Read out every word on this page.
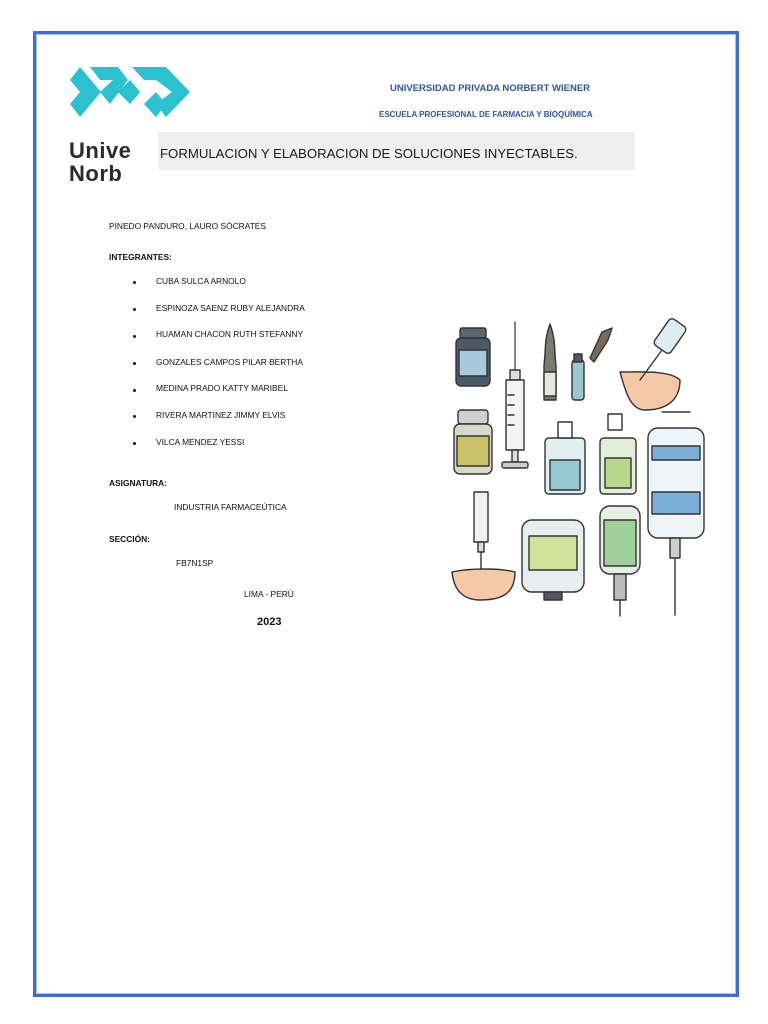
Unive
Norb
UNIVERSIDAD PRIVADA NORBERT WIENER
ESCUELA PROFESIONAL DE FARMACIA Y BIOQUÍMICA
FORMULACION Y ELABORACION DE SOLUCIONES INYECTABLES.
PINEDO PANDURO, LAURO SÓCRATES
INTEGRANTES:
CUBA SULCA ARNOLO
ESPINOZA SAENZ RUBY ALEJANDRA
HUAMAN CHACON RUTH STEFANNY
GONZALES CAMPOS PILAR BERTHA
MEDINA PRADO KATTY MARIBEL
RIVERA MARTINEZ JIMMY ELVIS
VILCA MENDEZ YESSI
ASIGNATURA:
INDUSTRIA FARMACEÚTICA
SECCIÓN:
FB7N1SP
LIMA - PERÚ
2023
